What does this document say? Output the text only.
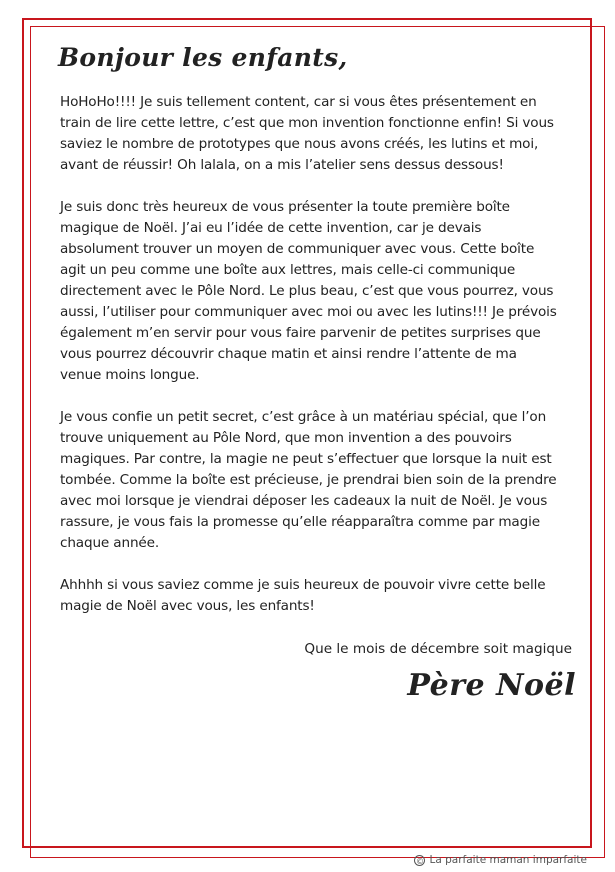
Bonjour les enfants,

HoHoHo!!!! Je suis tellement content, car si vous êtes présentement en train de lire cette lettre, c’est que mon invention fonctionne enfin! Si vous saviez le nombre de prototypes que nous avons créés, les lutins et moi, avant de réussir! Oh lalala, on a mis l’atelier sens dessus dessous!

Je suis donc très heureux de vous présenter la toute première boîte magique de Noël. J’ai eu l’idée de cette invention, car je devais absolument trouver un moyen de communiquer avec vous. Cette boîte agit un peu comme une boîte aux lettres, mais celle-ci communique directement avec le Pôle Nord. Le plus beau, c’est que vous pourrez, vous aussi, l’utiliser pour communiquer avec moi ou avec les lutins!!! Je prévois également m’en servir pour vous faire parvenir de petites surprises que vous pourrez découvrir chaque matin et ainsi rendre l’attente de ma venue moins longue.

Je vous confie un petit secret, c’est grâce à un matériau spécial, que l’on trouve uniquement au Pôle Nord, que mon invention a des pouvoirs magiques. Par contre, la magie ne peut s’effectuer que lorsque la nuit est tombée. Comme la boîte est précieuse, je prendrai bien soin de la prendre avec moi lorsque je viendrai déposer les cadeaux la nuit de Noël. Je vous rassure, je vous fais la promesse qu’elle réapparaîtra comme par magie chaque année.

Ahhhh si vous saviez comme je suis heureux de pouvoir vivre cette belle magie de Noël avec vous, les enfants!

Que le mois de décembre soit magique
Père Noël
© La parfaite maman imparfaite
